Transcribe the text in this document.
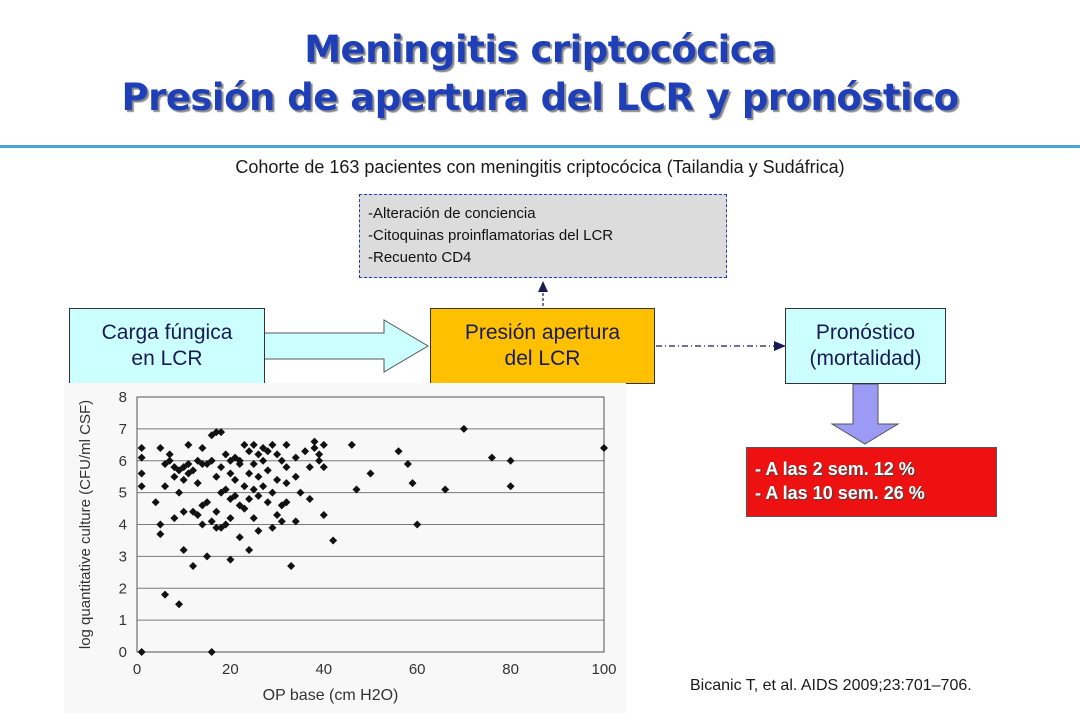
Meningitis criptocócica
Presión de apertura del LCR y pronóstico
Cohorte de 163 pacientes con meningitis criptocócica (Tailandia y Sudáfrica)
-Alteración de conciencia
-Citoquinas proinflamatorias del LCR
-Recuento CD4
Carga fúngica
en LCR
Presión apertura
del LCR
Pronóstico
(mortalidad)
- A las 2 sem. 12 %
- A las 10 sem. 26 %
0
1
2
3
4
5
6
7
8
0	20	40	60	80	100
log quantitative culture (CFU/ml CSF)
OP base (cm H2O)
Bicanic T, et al. AIDS 2009;23:701–706.
